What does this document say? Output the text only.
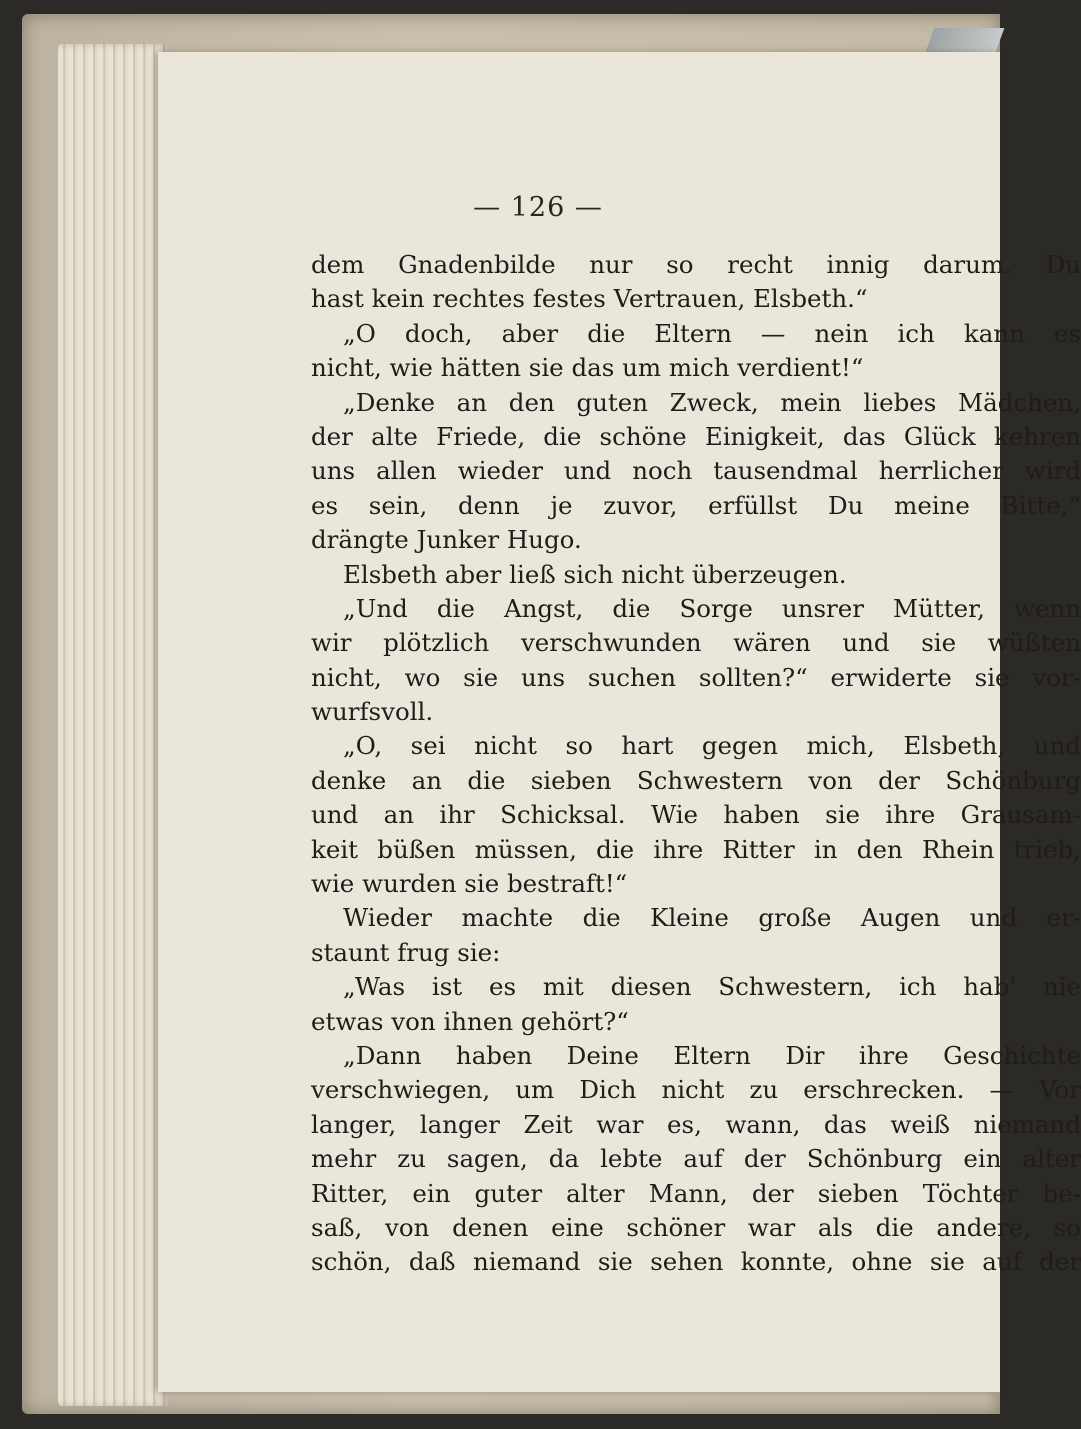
— 126 —
dem Gnadenbilde nur so recht innig darum. Du
hast kein rechtes festes Vertrauen, Elsbeth.“
„O doch, aber die Eltern — nein ich kann es
nicht, wie hätten sie das um mich verdient!“
„Denke an den guten Zweck, mein liebes Mädchen,
der alte Friede, die schöne Einigkeit, das Glück kehren
uns allen wieder und noch tausendmal herrlicher wird
es sein, denn je zuvor, erfüllst Du meine Bitte,“
drängte Junker Hugo.
Elsbeth aber ließ sich nicht überzeugen.
„Und die Angst, die Sorge unsrer Mütter, wenn
wir plötzlich verschwunden wären und sie wüßten
nicht, wo sie uns suchen sollten?“ erwiderte sie vor-
wurfsvoll.
„O, sei nicht so hart gegen mich, Elsbeth, und
denke an die sieben Schwestern von der Schönburg
und an ihr Schicksal. Wie haben sie ihre Grausam-
keit büßen müssen, die ihre Ritter in den Rhein trieb,
wie wurden sie bestraft!“
Wieder machte die Kleine große Augen und er-
staunt frug sie:
„Was ist es mit diesen Schwestern, ich hab' nie
etwas von ihnen gehört?“
„Dann haben Deine Eltern Dir ihre Geschichte
verschwiegen, um Dich nicht zu erschrecken. — Vor
langer, langer Zeit war es, wann, das weiß niemand
mehr zu sagen, da lebte auf der Schönburg ein alter
Ritter, ein guter alter Mann, der sieben Töchter be-
saß, von denen eine schöner war als die andere, so
schön, daß niemand sie sehen konnte, ohne sie auf der
